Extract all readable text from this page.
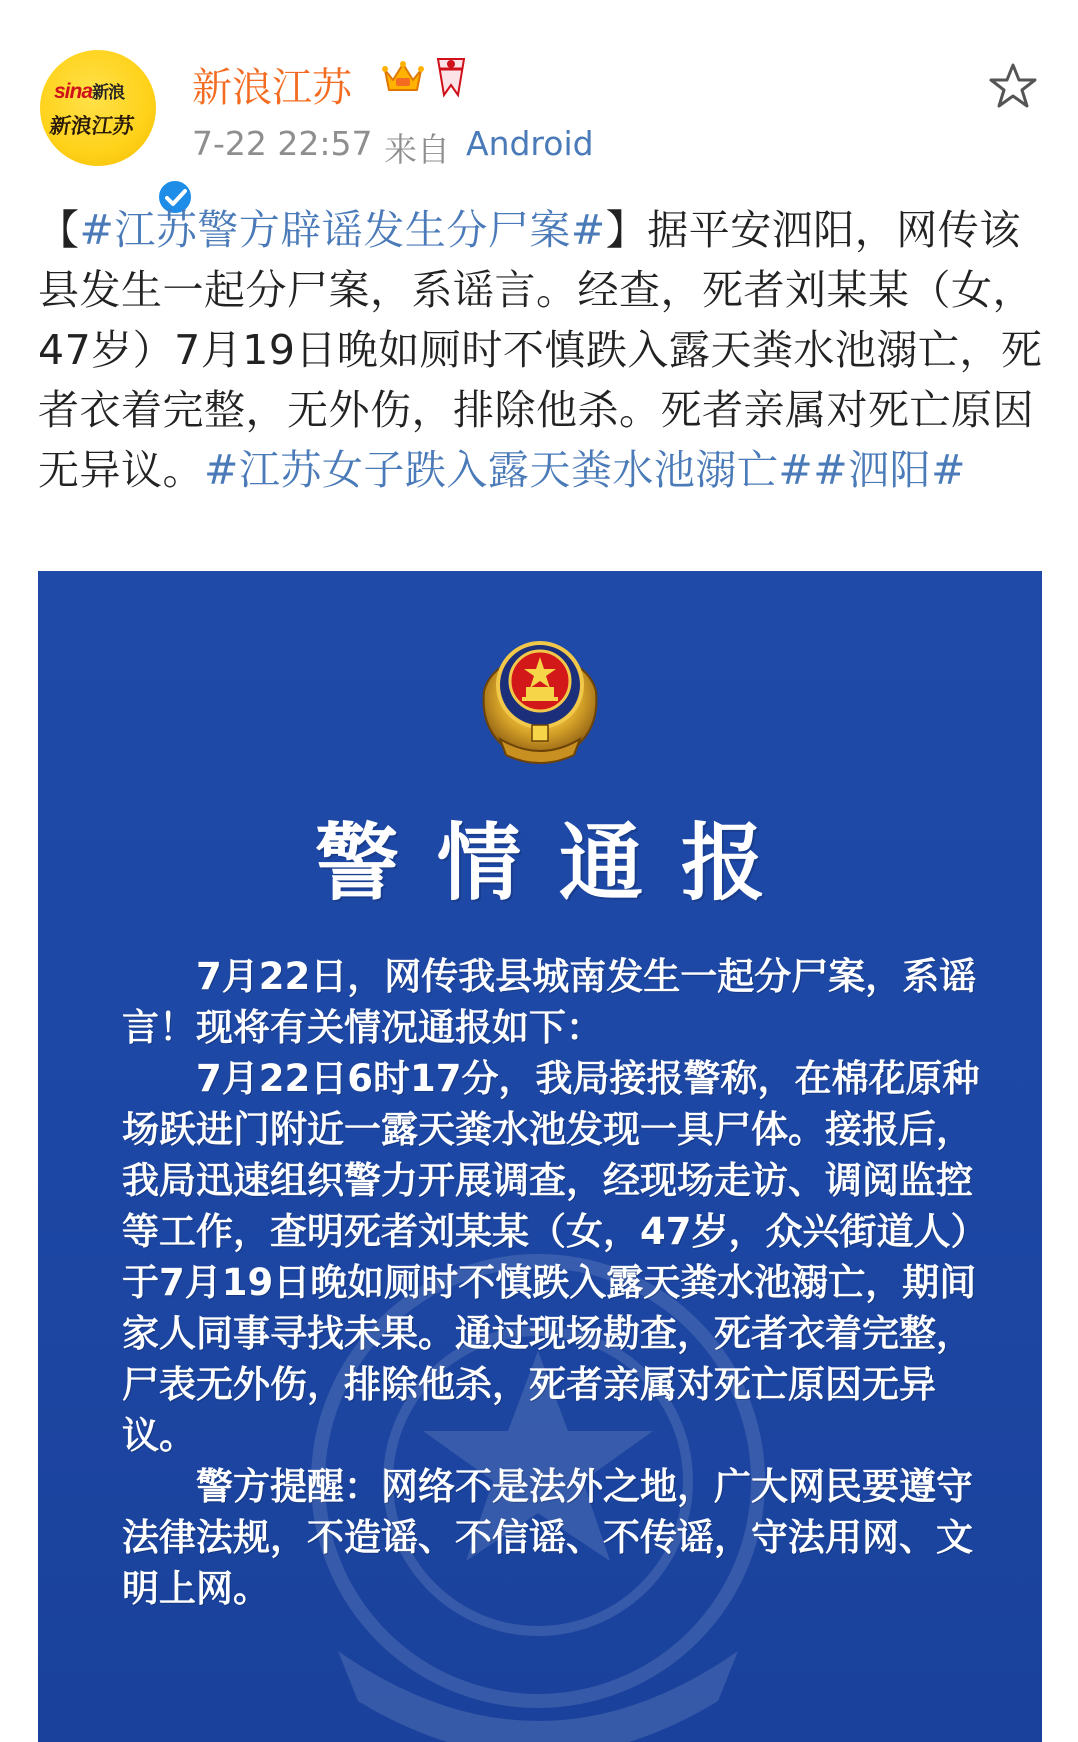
sina新浪
新浪江苏
新浪江苏
7-22 22:57 来自 Android
【#江苏警方辟谣发生分尸案#】据平安泗阳，网传该县发生一起分尸案，系谣言。经查，死者刘某某（女，47岁）7月19日晚如厕时不慎跌入露天粪水池溺亡，死者衣着完整，无外伤，排除他杀。死者亲属对死亡原因无异议。#江苏女子跌入露天粪水池溺亡##泗阳#
警情通报

7月22日，网传我县城南发生一起分尸案，系谣言！现将有关情况通报如下：

7月22日6时17分，我局接报警称，在棉花原种场跃进门附近一露天粪水池发现一具尸体。接报后，我局迅速组织警力开展调查，经现场走访、调阅监控等工作，查明死者刘某某（女，47岁，众兴街道人）于7月19日晚如厕时不慎跌入露天粪水池溺亡，期间家人同事寻找未果。通过现场勘查，死者衣着完整，尸表无外伤，排除他杀，死者亲属对死亡原因无异议。

警方提醒：网络不是法外之地，广大网民要遵守法律法规，不造谣、不信谣、不传谣，守法用网、文明上网。
